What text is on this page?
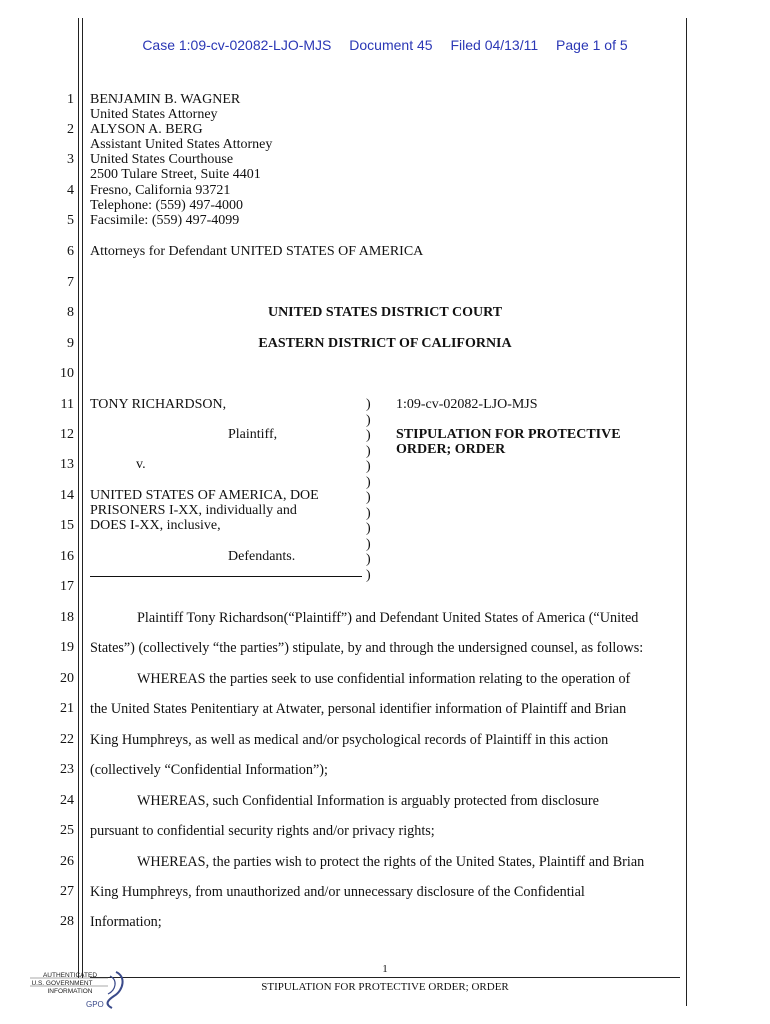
Case 1:09-cv-02082-LJO-MJS Document 45 Filed 04/13/11 Page 1 of 5
1
2
3
4
5
6
7
8
9
10
11
12
13
14
15
16
17
18
19
20
21
22
23
24
25
26
27
28
BENJAMIN B. WAGNER
United States Attorney
ALYSON A. BERG
Assistant United States Attorney
United States Courthouse
2500 Tulare Street, Suite 4401
Fresno, California 93721
Telephone: (559) 497-4000
Facsimile: (559) 497-4099
Attorneys for Defendant UNITED STATES OF AMERICA
UNITED STATES DISTRICT COURT
EASTERN DISTRICT OF CALIFORNIA
TONY RICHARDSON,
Plaintiff,
v.
UNITED STATES OF AMERICA, DOE
PRISONERS I-XX, individually and
DOES I-XX, inclusive,
Defendants.
)
)
)
)
)
)
)
)
)
)
)
)
1:09-cv-02082-LJO-MJS
STIPULATION FOR PROTECTIVE
ORDER; ORDER
Plaintiff Tony Richardson(“Plaintiff”) and Defendant United States of America (“United
States”) (collectively “the parties”) stipulate, by and through the undersigned counsel, as follows:
WHEREAS the parties seek to use confidential information relating to the operation of
the United States Penitentiary at Atwater, personal identifier information of Plaintiff and Brian
King Humphreys, as well as medical and/or psychological records of Plaintiff in this action
(collectively “Confidential Information”);
WHEREAS, such Confidential Information is arguably protected from disclosure
pursuant to confidential security rights and/or privacy rights;
WHEREAS, the parties wish to protect the rights of the United States, Plaintiff and Brian
King Humphreys, from unauthorized and/or unnecessary disclosure of the Confidential
Information;
1
STIPULATION FOR PROTECTIVE ORDER; ORDER
AUTHENTICATED
U.S. GOVERNMENT
INFORMATION
GPO
